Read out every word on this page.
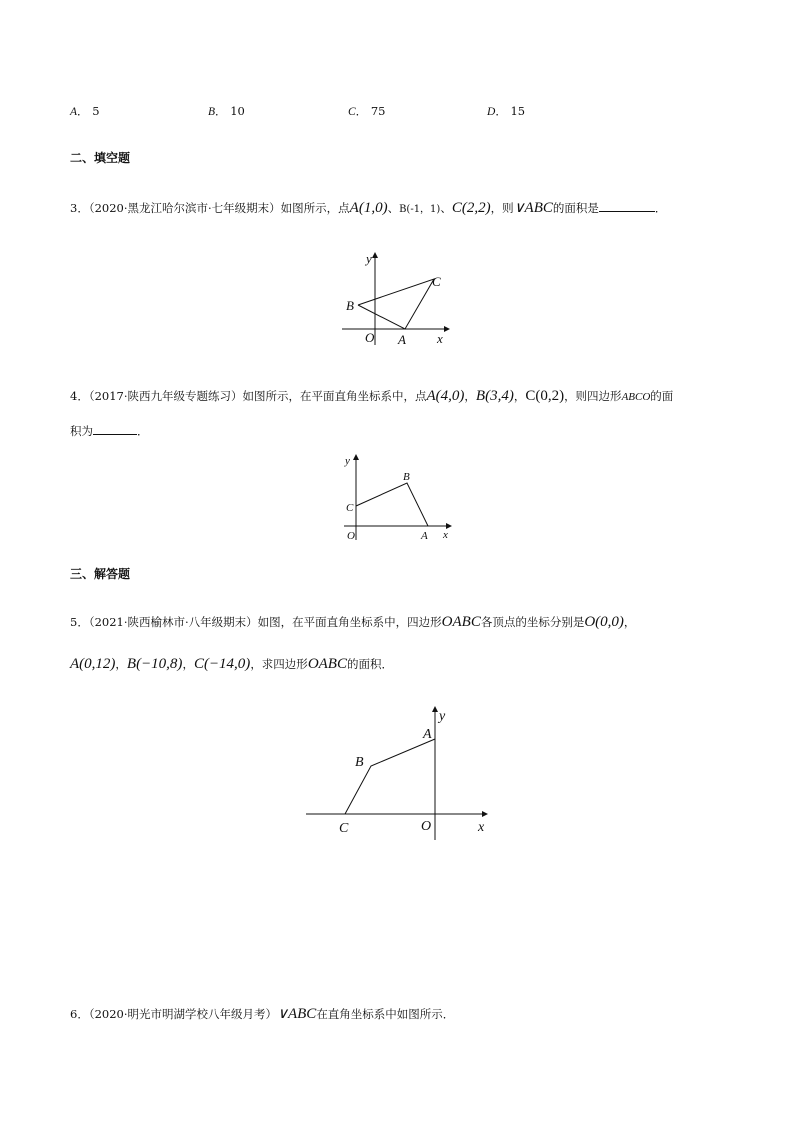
A． 5	B． 10	C． 75	D． 15
二、填空题
3．（2020·黑龙江哈尔滨市·七年级期末）如图所示，点A(1,0)、B(-1，1)、C(2,2)，则∨ABC的面积是	．
y
x
O A
B
C
4．（2017·陕西九年级专题练习）如图所示，在平面直角坐标系中，点A(4,0)，B(3,4)，C(0,2)，则四边形ABCO的面
积为	．
y
x
O	A
B
C
三、解答题
5．（2021·陕西榆林市·八年级期末）如图，在平面直角坐标系中，四边形OABC各顶点的坐标分别是O(0,0)，
A(0,12)，B(−10,8)，C(−14,0)，求四边形OABC的面积．
y
x
O
A
B
C
6．（2020·明光市明湖学校八年级月考）∨ABC在直角坐标系中如图所示．
